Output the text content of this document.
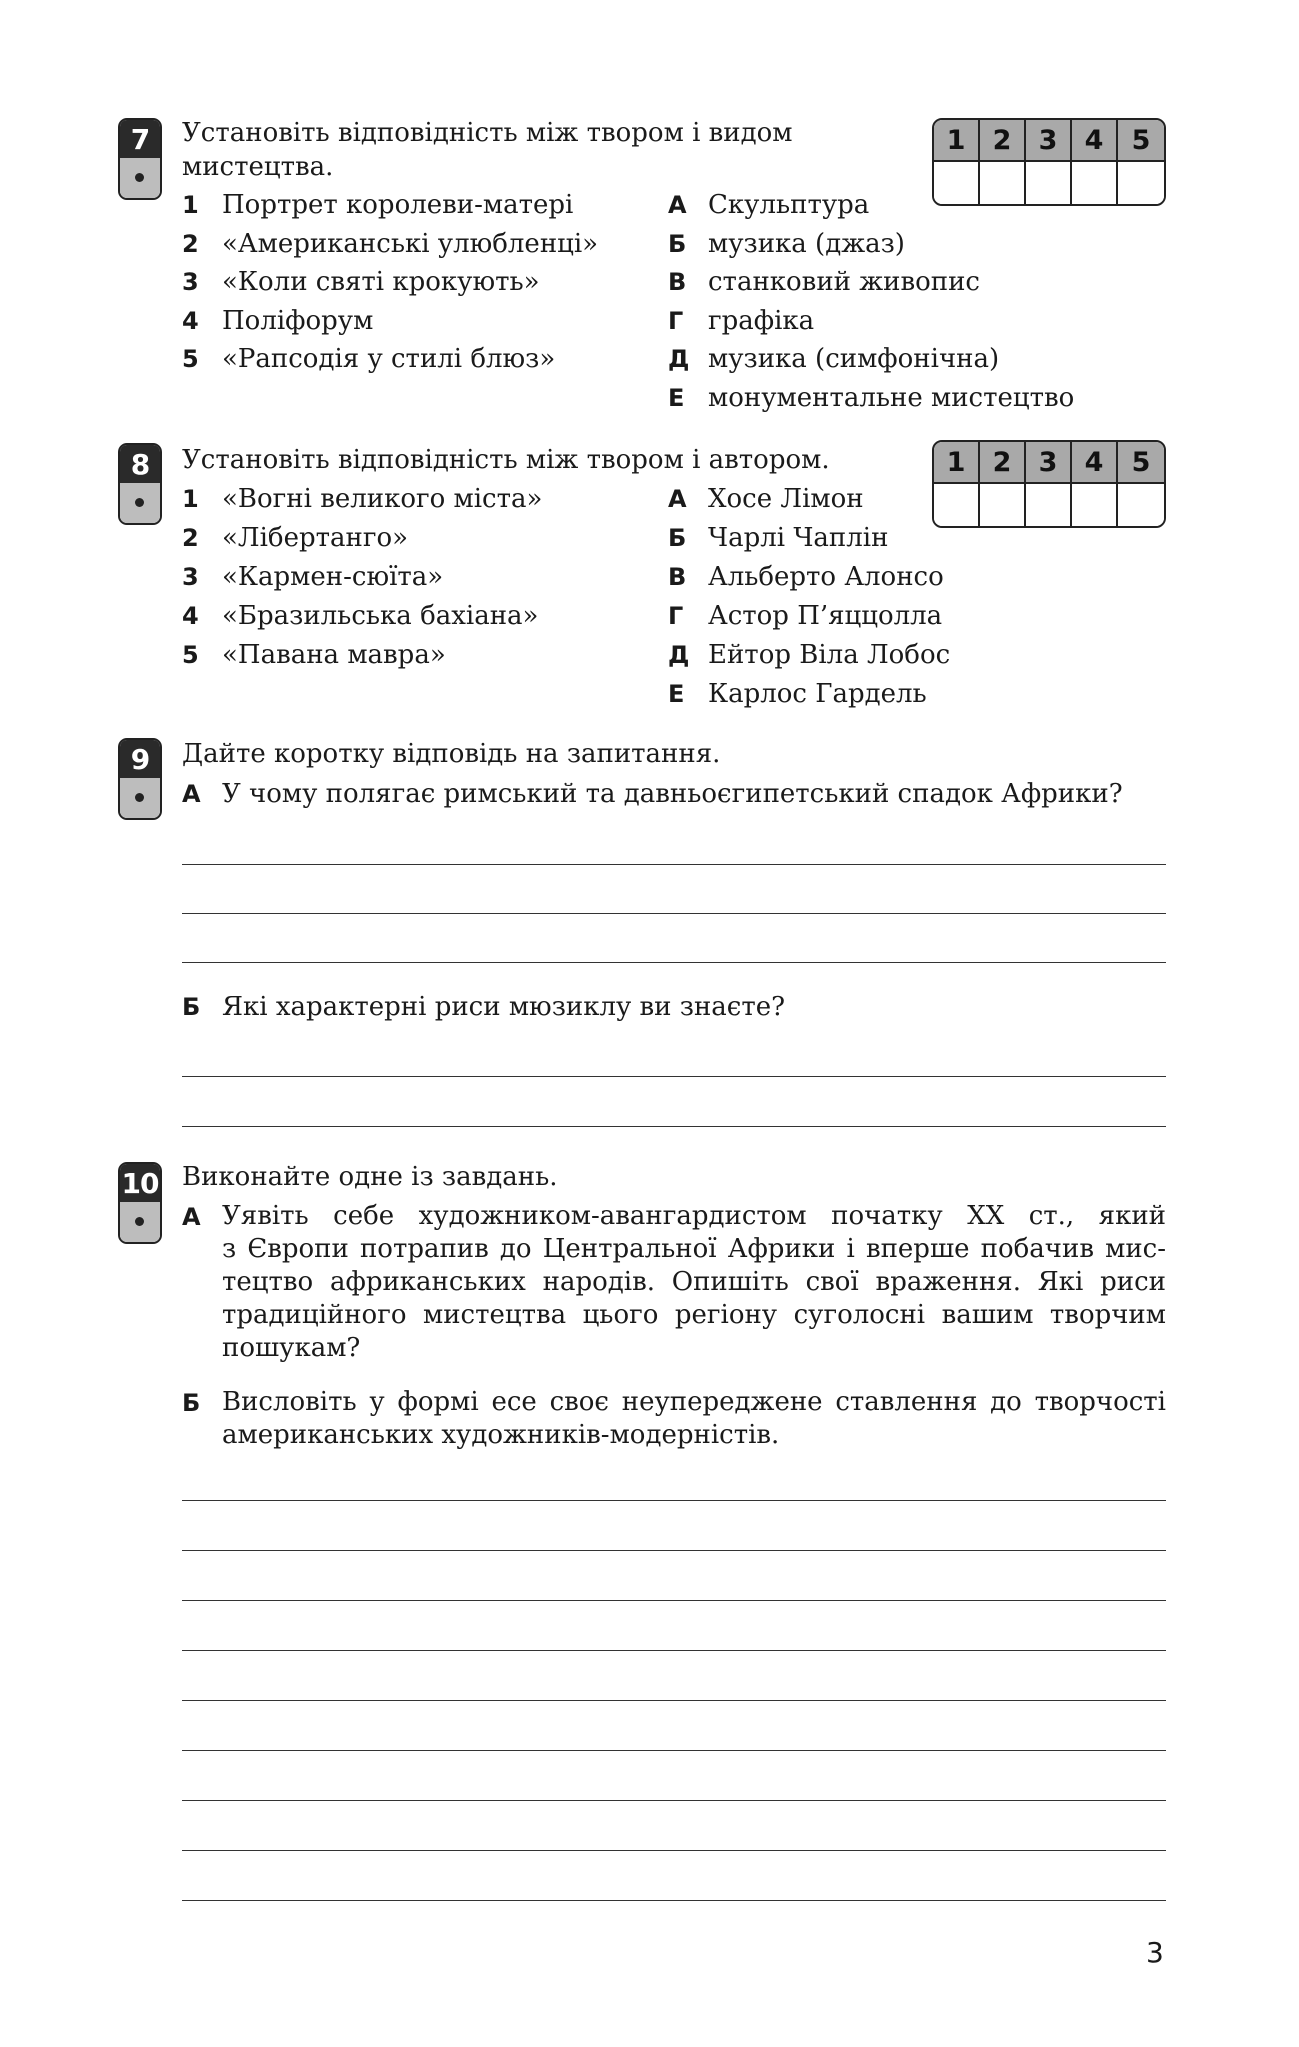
7	Установіть відповідність між твором і видом
мистецтва.
1	2	3	4	5
1 Портрет королеви-матері
2 «Американські улюбленці»
3 «Коли святі крокують»
4 Поліфорум
5 «Рапсодія у стилі блюз»
А Скульптура
Б музика (джаз)
В станковий живопис
Г графіка
Д музика (симфонічна)
Е монументальне мистецтво
8	Установіть відповідність між твором і автором.	1	2	3	4	5
1 «Вогні великого міста»
2 «Лібертанго»
3 «Кармен-сюїта»
4 «Бразильська бахіана»
5 «Павана мавра»
А Хосе Лімон
Б Чарлі Чаплін
В Альберто Алонсо
Г Астор П’яццолла
Д Ейтор Віла Лобос
Е Карлос Гардель
9	Дайте коротку відповідь на запитання.
А У чому полягає римський та давньоєгипетський спадок Африки?
Б Які характерні риси мюзиклу ви знаєте?
10 Виконайте одне із завдань.
А Уявіть себе художником-авангардистом початку XX ст., який
з Європи потрапив до Центральної Африки і вперше побачив мис-
тецтво африканських народів. Опишіть свої враження. Які риси
традиційного мистецтва цього регіону суголосні вашим творчим
пошукам?
Б Висловіть у формі есе своє неупереджене ставлення до творчості
американських художників-модерністів.
3
